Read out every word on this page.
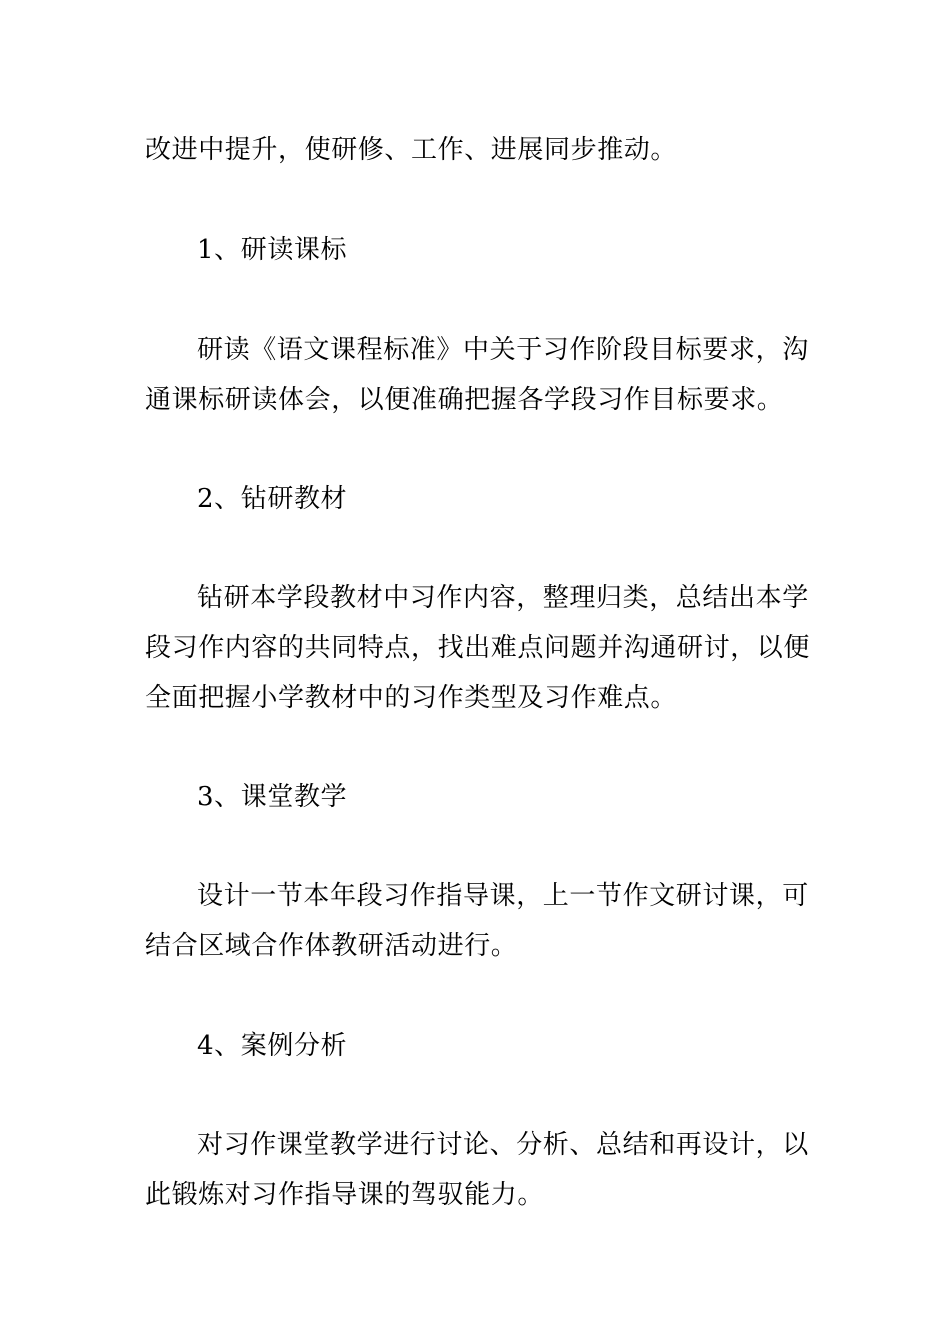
改进中提升，使研修、工作、进展同步推动。
1、研读课标
研读《语文课程标准》中关于习作阶段目标要求，沟
通课标研读体会，以便准确把握各学段习作目标要求。
2、钻研教材
钻研本学段教材中习作内容，整理归类，总结出本学
段习作内容的共同特点，找出难点问题并沟通研讨，以便
全面把握小学教材中的习作类型及习作难点。
3、课堂教学
设计一节本年段习作指导课，上一节作文研讨课，可
结合区域合作体教研活动进行。
4、案例分析
对习作课堂教学进行讨论、分析、总结和再设计，以
此锻炼对习作指导课的驾驭能力。
